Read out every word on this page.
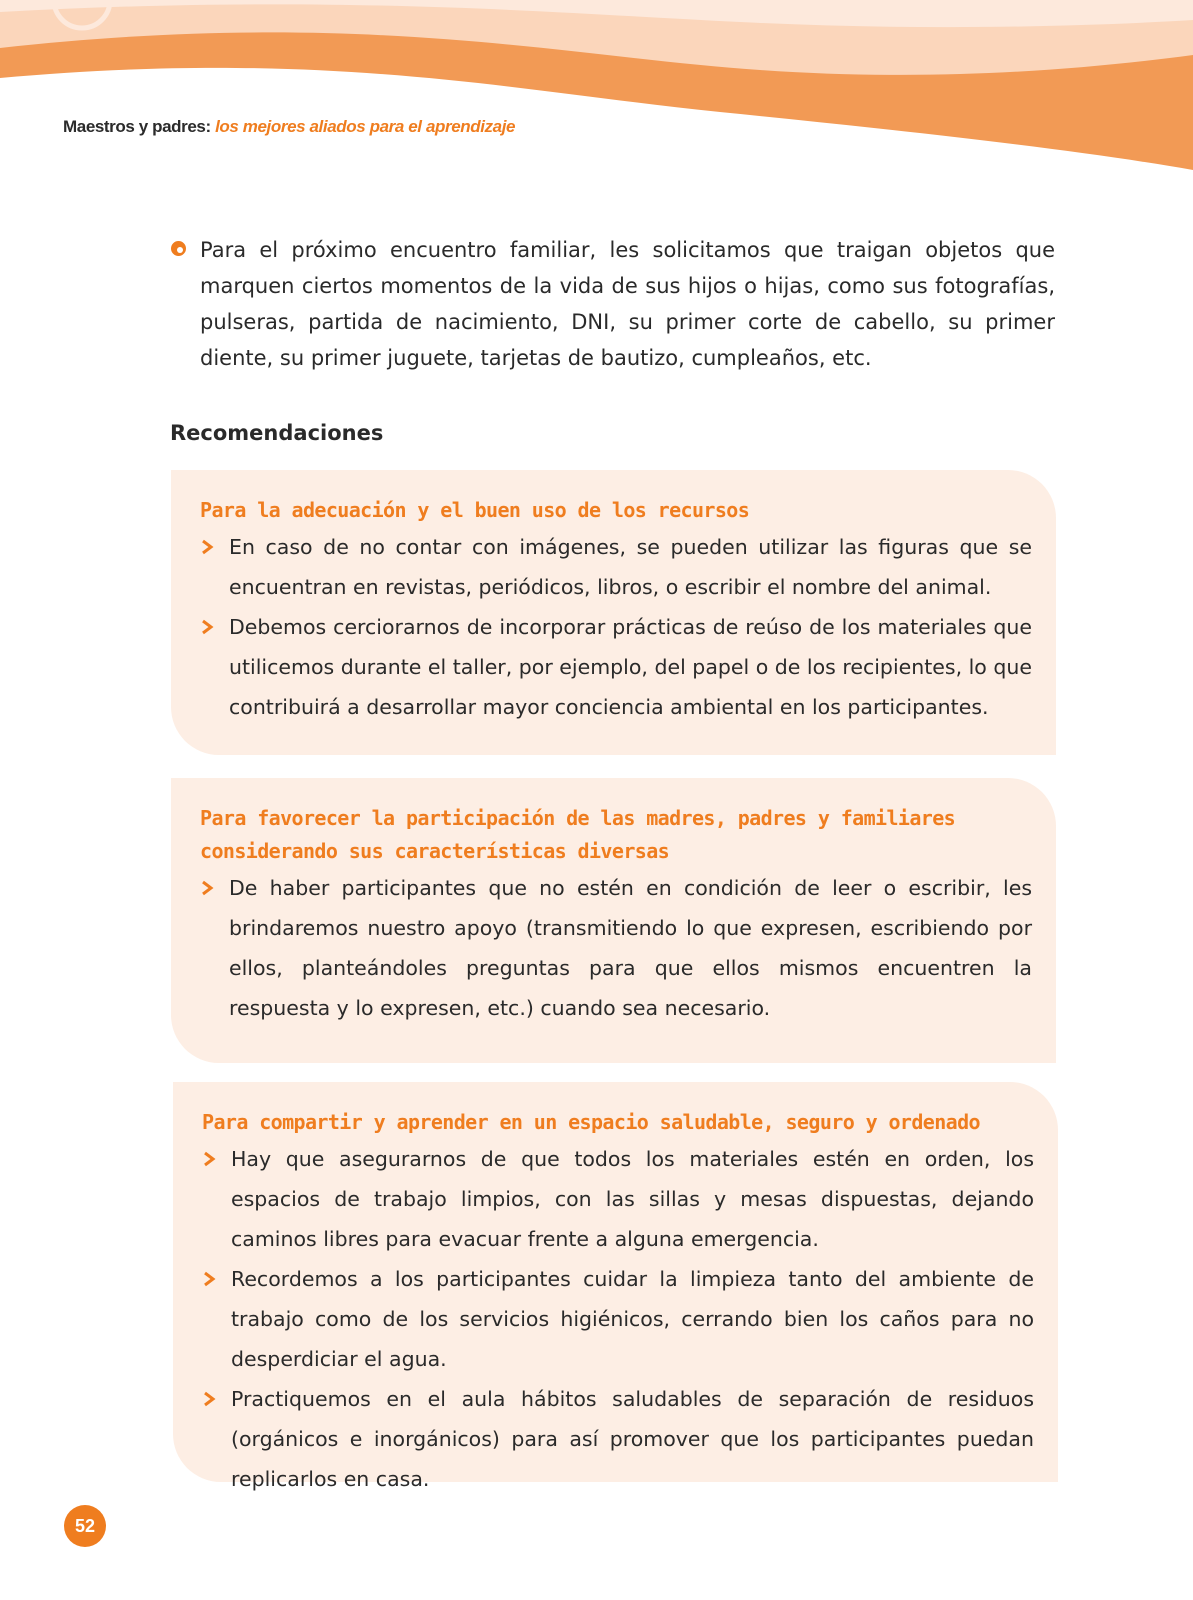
Maestros y padres: los mejores aliados para el aprendizaje
Para el próximo encuentro familiar, les solicitamos que traigan objetos que marquen ciertos momentos de la vida de sus hijos o hijas, como sus fotografías, pulseras, partida de nacimiento, DNI, su primer corte de cabello, su primer diente, su primer juguete, tarjetas de bautizo, cumpleaños, etc.
Recomendaciones
Para la adecuación y el buen uso de los recursos
En caso de no contar con imágenes, se pueden utilizar las figuras que se encuentran en revistas, periódicos, libros, o escribir el nombre del animal.
Debemos cerciorarnos de incorporar prácticas de reúso de los materiales que utilicemos durante el taller, por ejemplo, del papel o de los recipientes, lo que contribuirá a desarrollar mayor conciencia ambiental en los participantes.
Para favorecer la participación de las madres, padres y familiares considerando sus características diversas
De haber participantes que no estén en condición de leer o escribir, les brindaremos nuestro apoyo (transmitiendo lo que expresen, escribiendo por ellos, planteándoles preguntas para que ellos mismos encuentren la respuesta y lo expresen, etc.) cuando sea necesario.
Para compartir y aprender en un espacio saludable, seguro y ordenado
Hay que asegurarnos de que todos los materiales estén en orden, los espacios de trabajo limpios, con las sillas y mesas dispuestas, dejando caminos libres para evacuar frente a alguna emergencia.
Recordemos a los participantes cuidar la limpieza tanto del ambiente de trabajo como de los servicios higiénicos, cerrando bien los caños para no desperdiciar el agua.
Practiquemos en el aula hábitos saludables de separación de residuos (orgánicos e inorgánicos) para así promover que los participantes puedan replicarlos en casa.
52
